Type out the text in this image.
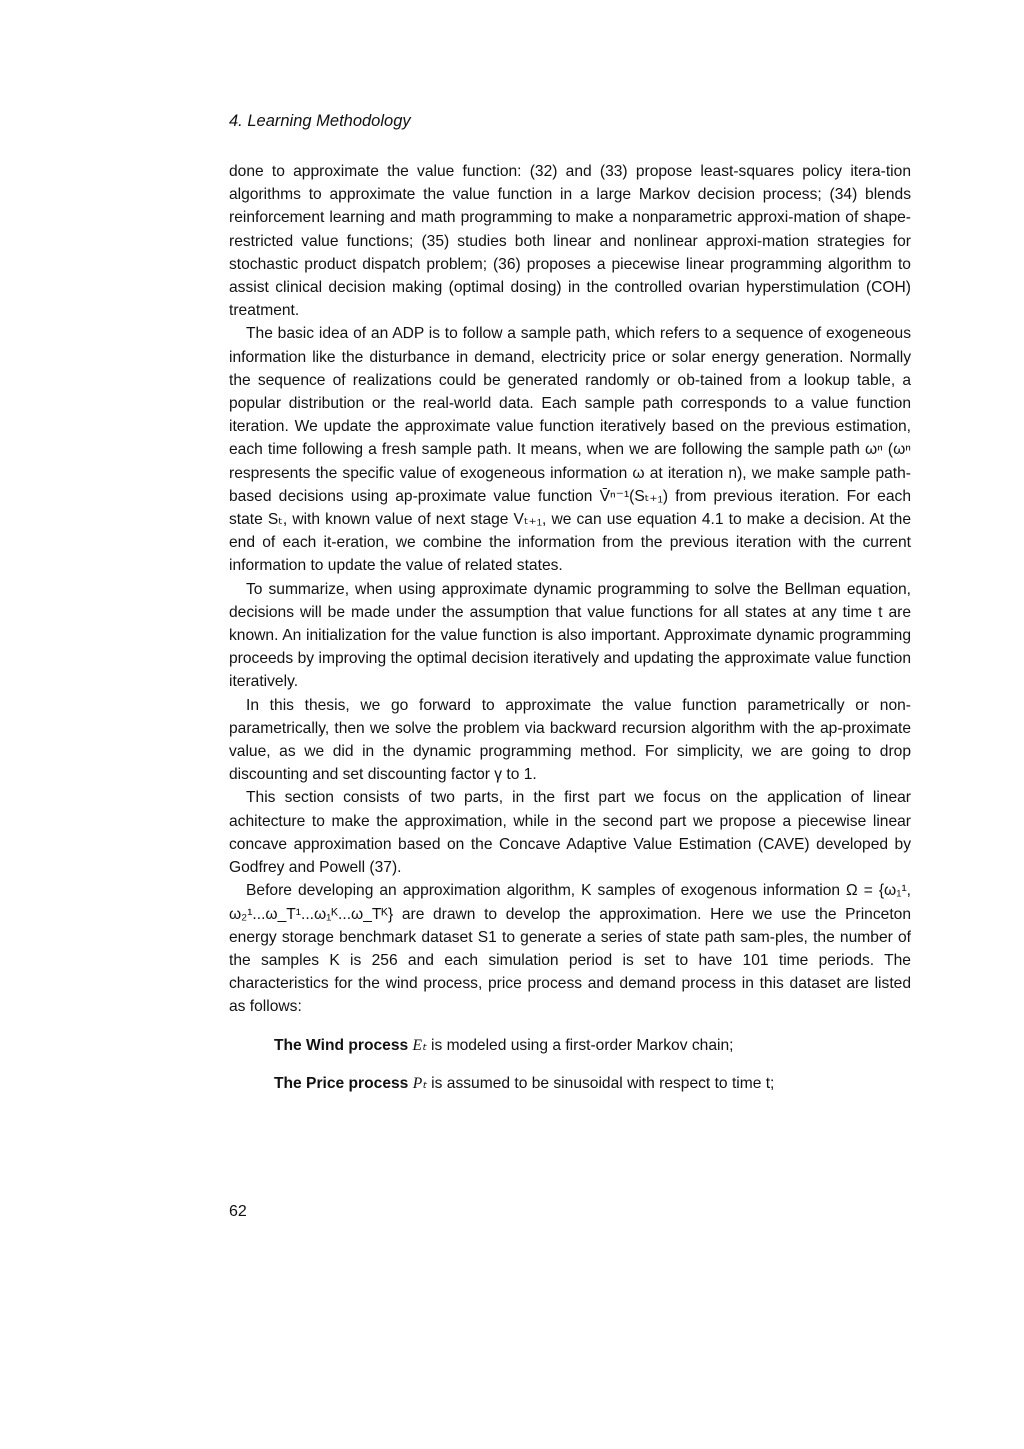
4. Learning Methodology

done to approximate the value function: (32) and (33) propose least-squares policy itera-tion algorithms to approximate the value function in a large Markov decision process; (34) blends reinforcement learning and math programming to make a nonparametric approxi-mation of shape-restricted value functions; (35) studies both linear and nonlinear approxi-mation strategies for stochastic product dispatch problem; (36) proposes a piecewise linear programming algorithm to assist clinical decision making (optimal dosing) in the controlled ovarian hyperstimulation (COH) treatment.

The basic idea of an ADP is to follow a sample path, which refers to a sequence of exogeneous information like the disturbance in demand, electricity price or solar energy generation. Normally the sequence of realizations could be generated randomly or ob-tained from a lookup table, a popular distribution or the real-world data. Each sample path corresponds to a value function iteration. We update the approximate value function iteratively based on the previous estimation, each time following a fresh sample path. It means, when we are following the sample path ωⁿ (ωⁿ respresents the specific value of exogeneous information ω at iteration n), we make sample path-based decisions using ap-proximate value function V̄ⁿ⁻¹(Sₜ₊₁) from previous iteration. For each state Sₜ, with known value of next stage Vₜ₊₁, we can use equation 4.1 to make a decision. At the end of each it-eration, we combine the information from the previous iteration with the current information to update the value of related states.

To summarize, when using approximate dynamic programming to solve the Bellman equation, decisions will be made under the assumption that value functions for all states at any time t are known. An initialization for the value function is also important. Approximate dynamic programming proceeds by improving the optimal decision iteratively and updating the approximate value function iteratively.

In this thesis, we go forward to approximate the value function parametrically or non-parametrically, then we solve the problem via backward recursion algorithm with the ap-proximate value, as we did in the dynamic programming method. For simplicity, we are going to drop discounting and set discounting factor γ to 1.

This section consists of two parts, in the first part we focus on the application of linear achitecture to make the approximation, while in the second part we propose a piecewise linear concave approximation based on the Concave Adaptive Value Estimation (CAVE) developed by Godfrey and Powell (37).

Before developing an approximation algorithm, K samples of exogenous information Ω = {ω₁¹, ω₂¹...ω_T¹...ω₁ᴷ...ω_Tᴷ} are drawn to develop the approximation. Here we use the Princeton energy storage benchmark dataset S1 to generate a series of state path sam-ples, the number of the samples K is 256 and each simulation period is set to have 101 time periods. The characteristics for the wind process, price process and demand process in this dataset are listed as follows:

The Wind process Eₜ is modeled using a first-order Markov chain;
The Price process Pₜ is assumed to be sinusoidal with respect to time t;
62
